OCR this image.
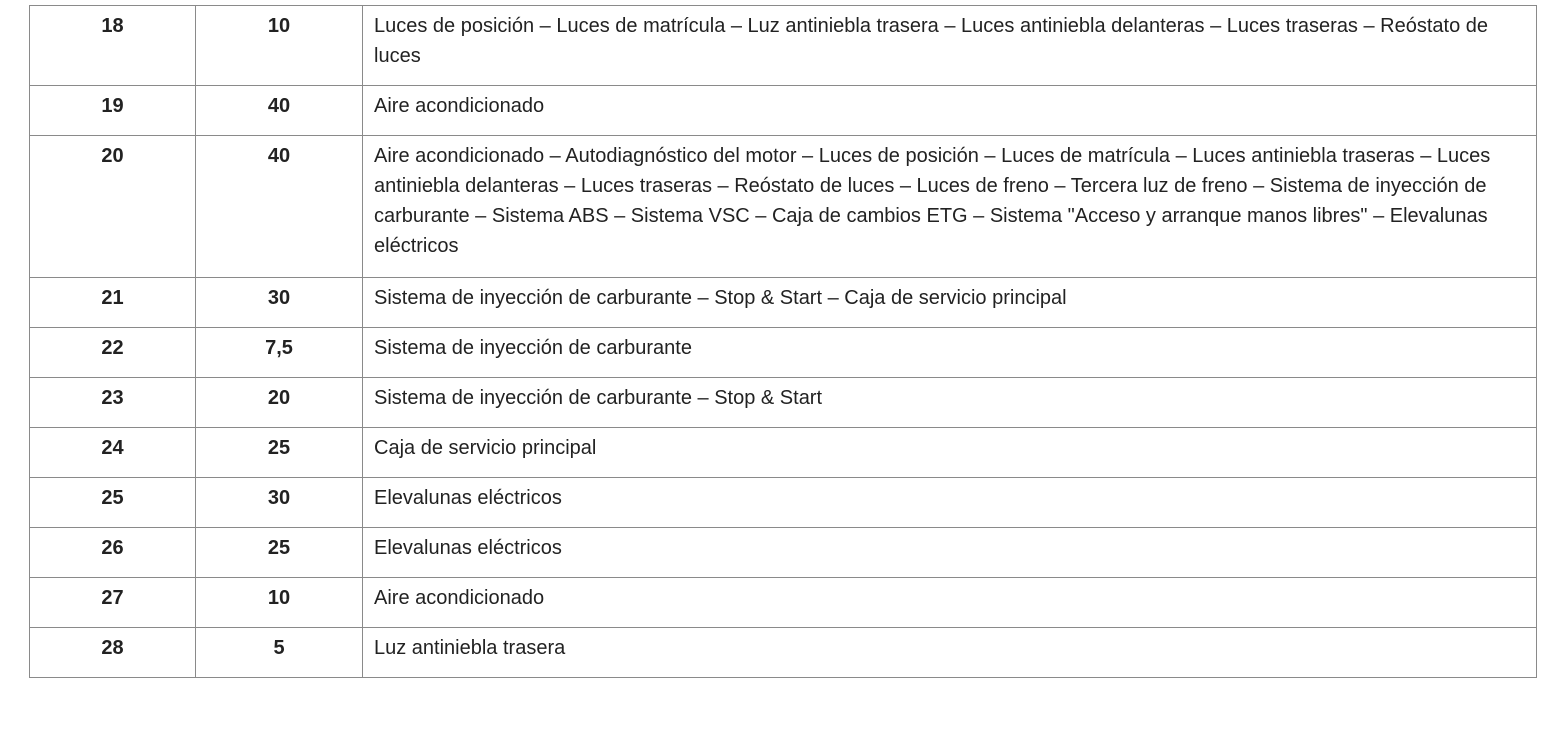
18	10	Luces de posición – Luces de matrícula – Luz antiniebla trasera – Luces antiniebla delanteras – Luces traseras – Reóstato de luces
19	40	Aire acondicionado
20	40	Aire acondicionado – Autodiagnóstico del motor – Luces de posición – Luces de matrícula – Luces antiniebla traseras – Luces antiniebla delanteras – Luces traseras – Reóstato de luces – Luces de freno – Tercera luz de freno – Sistema de inyección de carburante – Sistema ABS – Sistema VSC – Caja de cambios ETG – Sistema "Acceso y arranque manos libres" – Elevalunas eléctricos
21	30	Sistema de inyección de carburante – Stop & Start – Caja de servicio principal
22	7,5	Sistema de inyección de carburante
23	20	Sistema de inyección de carburante – Stop & Start
24	25	Caja de servicio principal
25	30	Elevalunas eléctricos
26	25	Elevalunas eléctricos
27	10	Aire acondicionado
28	5	Luz antiniebla trasera
